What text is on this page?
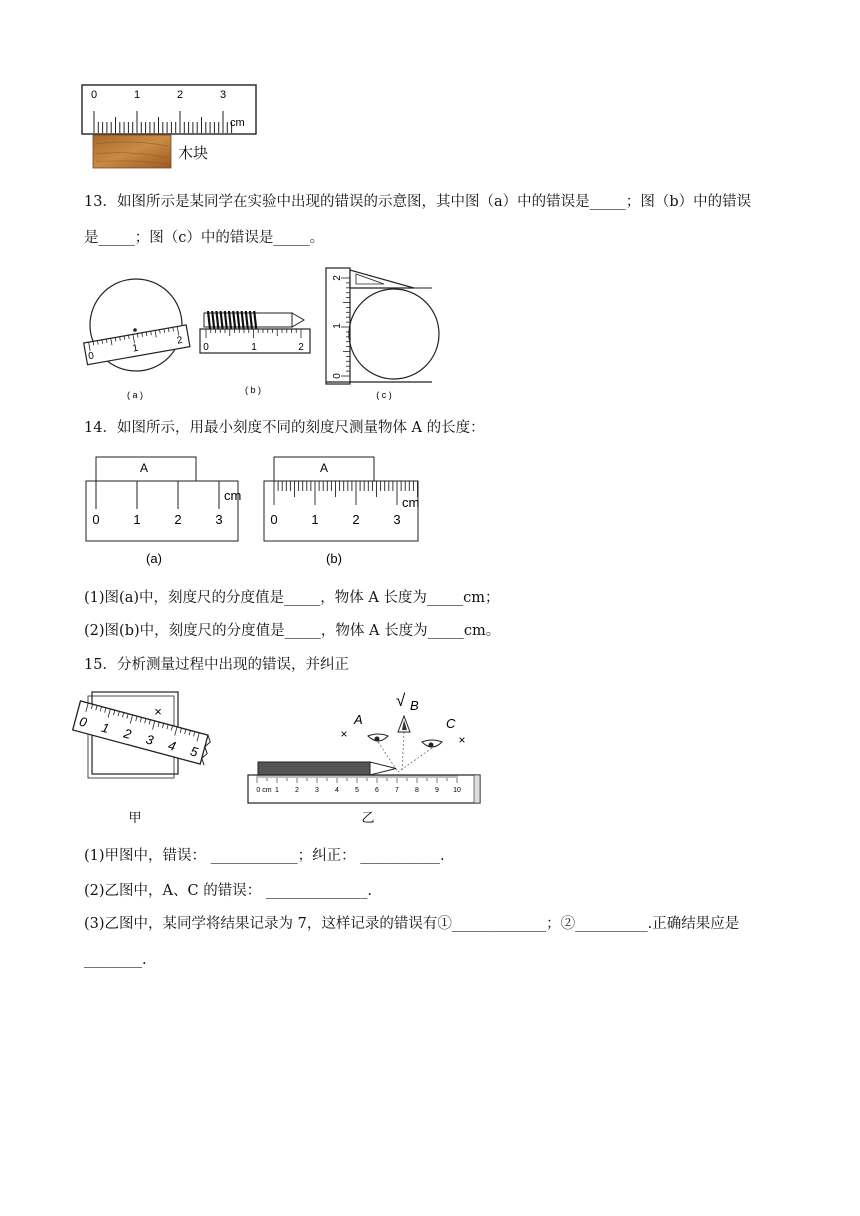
0	1	2	3
cm
木块
13．如图所示是某同学在实验中出现的错误的示意图，其中图（a）中的错误是_____；图（b）中的错误
是_____；图（c）中的错误是_____。
0
1
2
( a )
0	1	2
( b )
0
1
2
( c )
14．如图所示，用最小刻度不同的刻度尺测量物体 A 的长度：
A
0	1	2	3
cm
(a)
A
0	1	2	3
cm
(b)
(1)图(a)中，刻度尺的分度值是_____，物体 A 长度为_____cm；
(2)图(b)中，刻度尺的分度值是_____，物体 A 长度为_____cm。
15．分析测量过程中出现的错误，并纠正
×
0 1 2 3 4 5
甲
√ B
A
×
C
×
0 cm 1 2 3 4 5 6 7 8 9 10
乙
(1)甲图中，错误： ____________；纠正： ___________.
(2)乙图中，A、C 的错误： ______________.
(3)乙图中，某同学将结果记录为 7，这样记录的错误有①_____________；②__________.正确结果应是
________.
